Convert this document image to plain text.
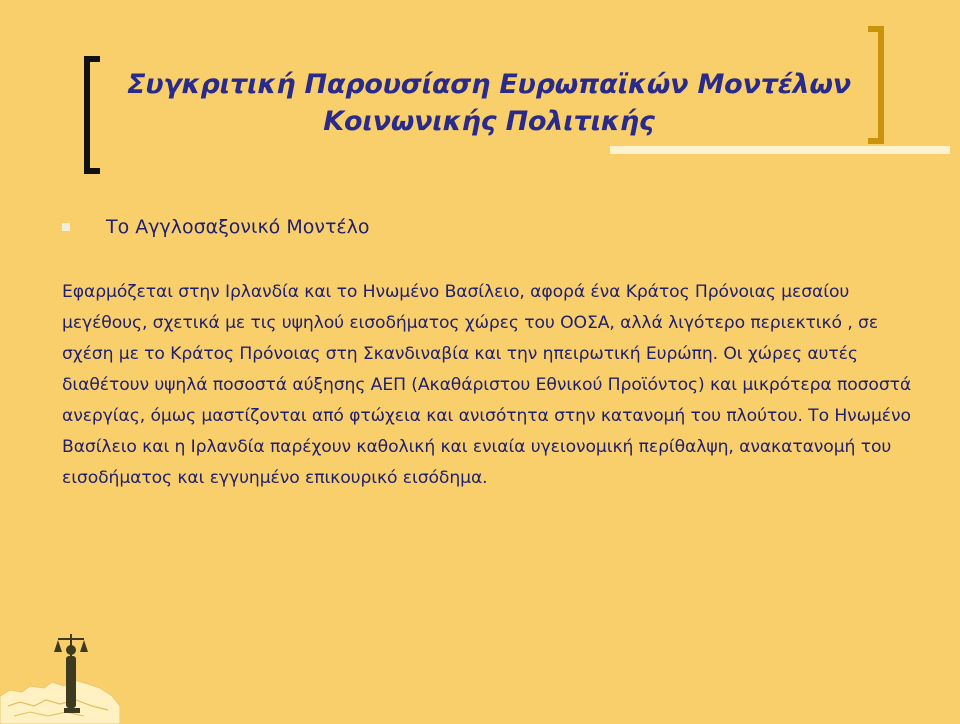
Συγκριτική Παρουσίαση Ευρωπαϊκών Μοντέλων Κοινωνικής Πολιτικής
Το Αγγλοσαξονικό Μοντέλο

Εφαρμόζεται στην Ιρλανδία και το Ηνωμένο Βασίλειο, αφορά ένα Κράτος Πρόνοιας μεσαίου μεγέθους, σχετικά με τις υψηλού εισοδήματος χώρες του ΟΟΣΑ, αλλά λιγότερο περιεκτικό , σε σχέση με το Κράτος Πρόνοιας στη Σκανδιναβία και την ηπειρωτική Ευρώπη. Οι χώρες αυτές διαθέτουν υψηλά ποσοστά αύξησης ΑΕΠ (Ακαθάριστου Εθνικού Προϊόντος) και μικρότερα ποσοστά ανεργίας, όμως μαστίζονται από φτώχεια και ανισότητα στην κατανομή του πλούτου. Το Ηνωμένο Βασίλειο και η Ιρλανδία παρέχουν καθολική και ενιαία υγειονομική περίθαλψη, ανακατανομή του εισοδήματος και εγγυημένο επικουρικό εισόδημα.
